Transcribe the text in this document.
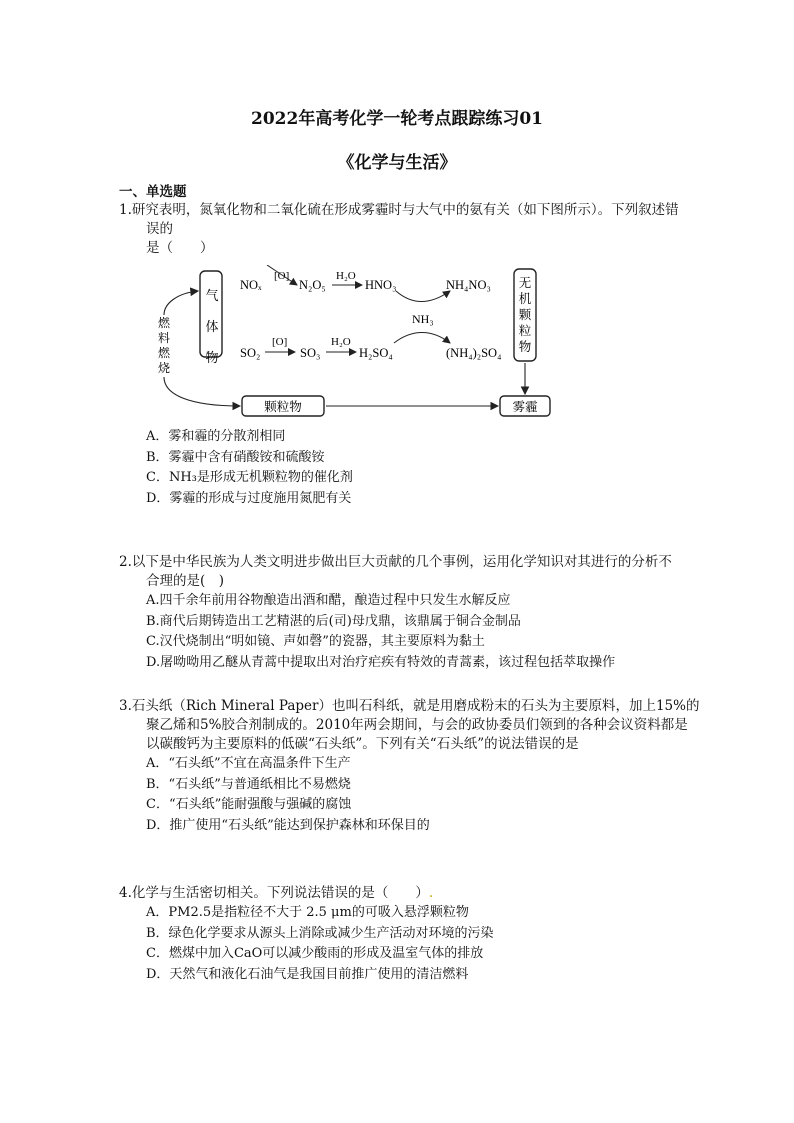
2022年高考化学一轮考点跟踪练习01
《化学与生活》
一、单选题
1.研究表明，氮氧化物和二氧化硫在形成雾霾时与大气中的氨有关（如下图所示）。下列叙述错
误的
是（　　）
气体物
无机颗粒物
颗粒物	雾霾
燃料燃烧
NOₓ
[O]
N₂O₅
H₂O
HNO₃	NH₄NO₃
NH₃
SO₂
[O]
SO₃
H₂O
H₂SO₄	(NH₄)₂SO₄
A．雾和霾的分散剂相同
B．雾霾中含有硝酸铵和硫酸铵
C．NH₃是形成无机颗粒物的催化剂
D．雾霾的形成与过度施用氮肥有关
2.以下是中华民族为人类文明进步做出巨大贡献的几个事例，运用化学知识对其进行的分析不
合理的是(　)
A.四千余年前用谷物酿造出酒和醋，酿造过程中只发生水解反应
B.商代后期铸造出工艺精湛的后(司)母戊鼎，该鼎属于铜合金制品
C.汉代烧制出“明如镜、声如磬”的瓷器，其主要原料为黏土
D.屠呦呦用乙醚从青蒿中提取出对治疗疟疾有特效的青蒿素，该过程包括萃取操作
3.石头纸（Rich Mineral Paper）也叫石科纸，就是用磨成粉末的石头为主要原料，加上15%的
聚乙烯和5%胶合剂制成的。2010年两会期间，与会的政协委员们领到的各种会议资料都是
以碳酸钙为主要原料的低碳“石头纸”。下列有关“石头纸”的说法错误的是
A．“石头纸”不宜在高温条件下生产
B．“石头纸”与普通纸相比不易燃烧
C．“石头纸”能耐强酸与强碱的腐蚀
D．推广使用“石头纸”能达到保护森林和环保目的
4.化学与生活密切相关。下列说法错误的是（　　）.
A．PM2.5是指粒径不大于 2.5 μm的可吸入悬浮颗粒物
B．绿色化学要求从源头上消除或减少生产活动对环境的污染
C．燃煤中加入CaO可以减少酸雨的形成及温室气体的排放
D．天然气和液化石油气是我国目前推广使用的清洁燃料
